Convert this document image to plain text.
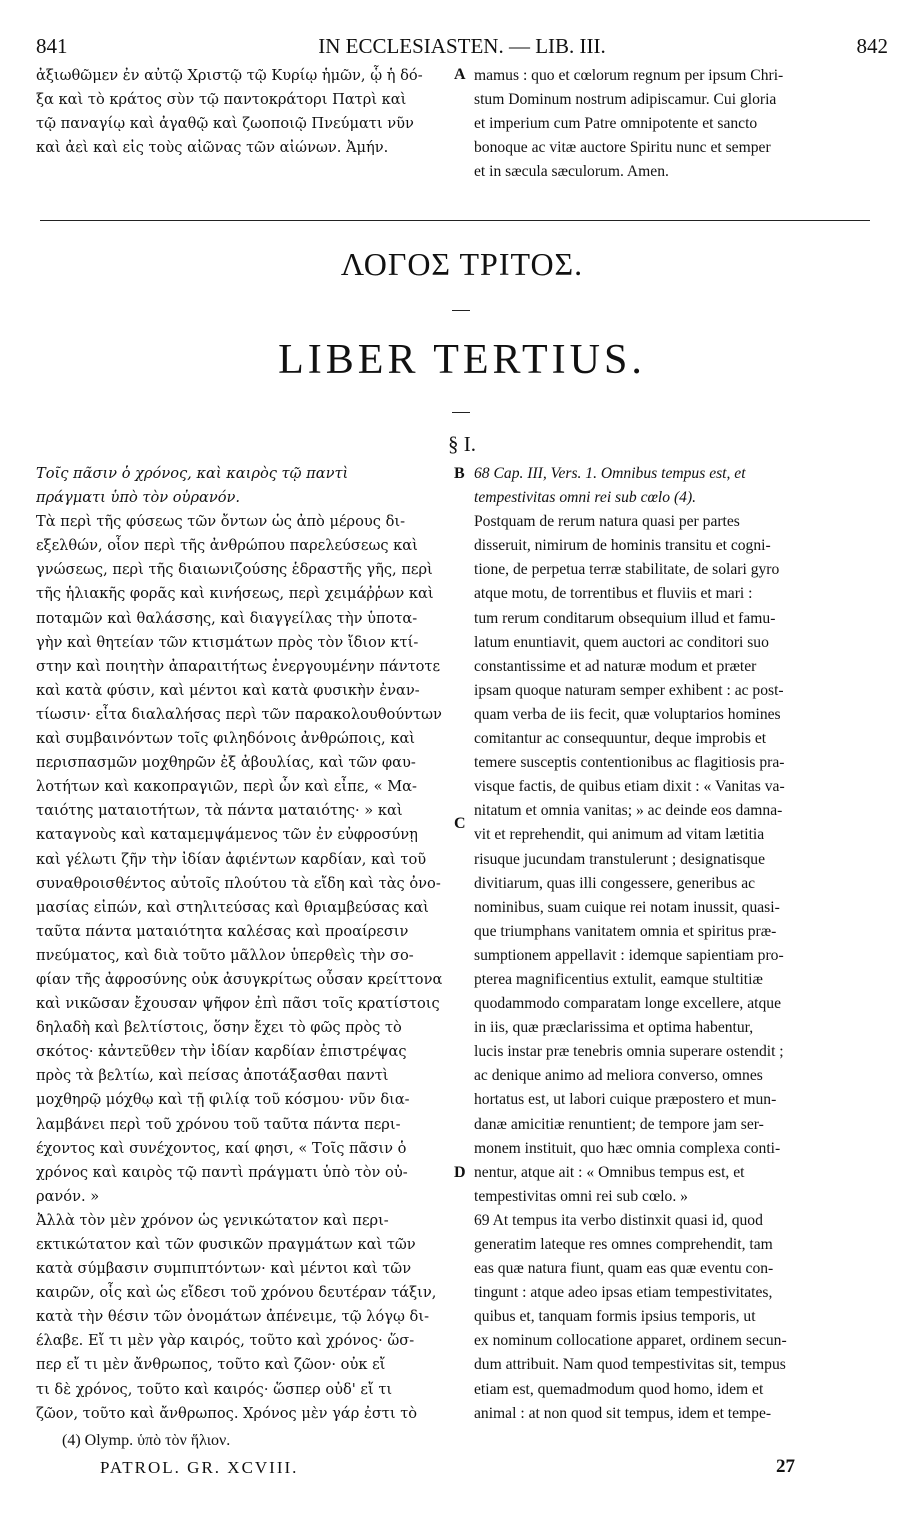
841	IN ECCLESIASTEN. — LIB. III.	842
ἀξιωθῶμεν ἐν αὐτῷ Χριστῷ τῷ Κυρίῳ ἡμῶν, ᾧ ἡ δό-
ξα καὶ τὸ κράτος σὺν τῷ παντοκράτορι Πατρὶ καὶ
τῷ παναγίῳ καὶ ἀγαθῷ καὶ ζωοποιῷ Πνεύματι νῦν
καὶ ἀεὶ καὶ εἰς τοὺς αἰῶνας τῶν αἰώνων. Ἀμήν.
A mamus : quo et cœlorum regnum per ipsum Chri-
stum Dominum nostrum adipiscamur. Cui gloria
et imperium cum Patre omnipotente et sancto
bonoque ac vitæ auctore Spiritu nunc et semper
et in sæcula sæculorum. Amen.
ΛΟΓΟΣ ΤΡΙΤΟΣ.
LIBER TERTIUS.
§ I.
Τοῖς πᾶσιν ὁ χρόνος, καὶ καιρὸς τῷ παντὶ
πράγματι ὑπὸ τὸν οὐρανόν.
Τὰ περὶ τῆς φύσεως τῶν ὄντων ὡς ἀπὸ μέρους δι-
εξελθών, οἷον περὶ τῆς ἀνθρώπου παρελεύσεως καὶ
γνώσεως, περὶ τῆς διαιωνιζούσης ἑδραστῆς γῆς, περὶ
τῆς ἡλιακῆς φορᾶς καὶ κινήσεως, περὶ χειμάῤῥων καὶ
ποταμῶν καὶ θαλάσσης, καὶ διαγγείλας τὴν ὑποτα-
γὴν καὶ θητείαν τῶν κτισμάτων πρὸς τὸν ἴδιον κτί-
στην καὶ ποιητὴν ἀπαραιτήτως ἐνεργουμένην πάντοτε
καὶ κατὰ φύσιν, καὶ μέντοι καὶ κατὰ φυσικὴν ἐναν-
τίωσιν· εἶτα διαλαλήσας περὶ τῶν παρακολουθούντων
καὶ συμβαινόντων τοῖς φιληδόνοις ἀνθρώποις, καὶ
περισπασμῶν μοχθηρῶν ἐξ ἀβουλίας, καὶ τῶν φαυ-
λοτήτων καὶ κακοπραγιῶν, περὶ ὧν καὶ εἶπε, « Μα-
ταιότης ματαιοτήτων, τὰ πάντα ματαιότης· » καὶ
καταγνοὺς καὶ καταμεμψάμενος τῶν ἐν εὐφροσύνῃ
καὶ γέλωτι ζῆν τὴν ἰδίαν ἀφιέντων καρδίαν, καὶ τοῦ
συναθροισθέντος αὐτοῖς πλούτου τὰ εἴδη καὶ τὰς ὀνο-
μασίας εἰπών, καὶ στηλιτεύσας καὶ θριαμβεύσας καὶ
ταῦτα πάντα ματαιότητα καλέσας καὶ προαίρεσιν
πνεύματος, καὶ διὰ τοῦτο μᾶλλον ὑπερθεὶς τὴν σο-
φίαν τῆς ἀφροσύνης οὐκ ἀσυγκρίτως οὖσαν κρείττονα
καὶ νικῶσαν ἔχουσαν ψῆφον ἐπὶ πᾶσι τοῖς κρατίστοις
δηλαδὴ καὶ βελτίστοις, ὅσην ἔχει τὸ φῶς πρὸς τὸ
σκότος· κἀντεῦθεν τὴν ἰδίαν καρδίαν ἐπιστρέψας
πρὸς τὰ βελτίω, καὶ πείσας ἀποτάξασθαι παντὶ
μοχθηρῷ μόχθῳ καὶ τῇ φιλίᾳ τοῦ κόσμου· νῦν δια-
λαμβάνει περὶ τοῦ χρόνου τοῦ ταῦτα πάντα περι-
έχοντος καὶ συνέχοντος, καί φησι, « Τοῖς πᾶσιν ὁ
χρόνος καὶ καιρὸς τῷ παντὶ πράγματι ὑπὸ τὸν οὐ-
ρανόν. »
Ἀλλὰ τὸν μὲν χρόνον ὡς γενικώτατον καὶ περι-
εκτικώτατον καὶ τῶν φυσικῶν πραγμάτων καὶ τῶν
κατὰ σύμβασιν συμπιπτόντων· καὶ μέντοι καὶ τῶν
καιρῶν, οἷς καὶ ὡς εἴδεσι τοῦ χρόνου δευτέραν τάξιν,
κατὰ τὴν θέσιν τῶν ὀνομάτων ἀπένειμε, τῷ λόγῳ δι-
έλαβε. Εἴ τι μὲν γὰρ καιρός, τοῦτο καὶ χρόνος· ὥσ-
περ εἴ τι μὲν ἄνθρωπος, τοῦτο καὶ ζῶον· οὐκ εἴ
τι δὲ χρόνος, τοῦτο καὶ καιρός· ὥσπερ οὐδ' εἴ τι
ζῶον, τοῦτο καὶ ἄνθρωπος. Χρόνος μὲν γάρ ἐστι τὸ
B
C
D
68 Cap. III, Vers. 1. Omnibus tempus est, et
tempestivitas omni rei sub cœlo (4).
Postquam de rerum natura quasi per partes
disseruit, nimirum de hominis transitu et cogni-
tione, de perpetua terræ stabilitate, de solari gyro
atque motu, de torrentibus et fluviis et mari :
tum rerum conditarum obsequium illud et famu-
latum enuntiavit, quem auctori ac conditori suo
constantissime et ad naturæ modum et præter
ipsam quoque naturam semper exhibent : ac post-
quam verba de iis fecit, quæ voluptarios homines
comitantur ac consequuntur, deque improbis et
temere susceptis contentionibus ac flagitiosis pra-
visque factis, de quibus etiam dixit : « Vanitas va-
nitatum et omnia vanitas; » ac deinde eos damna-
vit et reprehendit, qui animum ad vitam lætitia
risuque jucundam transtulerunt ; designatisque
divitiarum, quas illi congessere, generibus ac
nominibus, suam cuique rei notam inussit, quasi-
que triumphans vanitatem omnia et spiritus præ-
sumptionem appellavit : idemque sapientiam pro-
pterea magnificentius extulit, eamque stultitiæ
quodammodo comparatam longe excellere, atque
in iis, quæ præclarissima et optima habentur,
lucis instar præ tenebris omnia superare ostendit ;
ac denique animo ad meliora converso, omnes
hortatus est, ut labori cuique præpostero et mun-
danæ amicitiæ renuntient; de tempore jam ser-
monem instituit, quo hæc omnia complexa conti-
nentur, atque ait : « Omnibus tempus est, et
tempestivitas omni rei sub cœlo. »
69 At tempus ita verbo distinxit quasi id, quod
generatim lateque res omnes comprehendit, tam
eas quæ natura fiunt, quam eas quæ eventu con-
tingunt : atque adeo ipsas etiam tempestivitates,
quibus et, tanquam formis ipsius temporis, ut
ex nominum collocatione apparet, ordinem secun-
dum attribuit. Nam quod tempestivitas sit, tempus
etiam est, quemadmodum quod homo, idem et
animal : at non quod sit tempus, idem et tempe-
(4) Olymp. ὑπὸ τὸν ἥλιον.
PATROL. GR. XCVIII.	27
